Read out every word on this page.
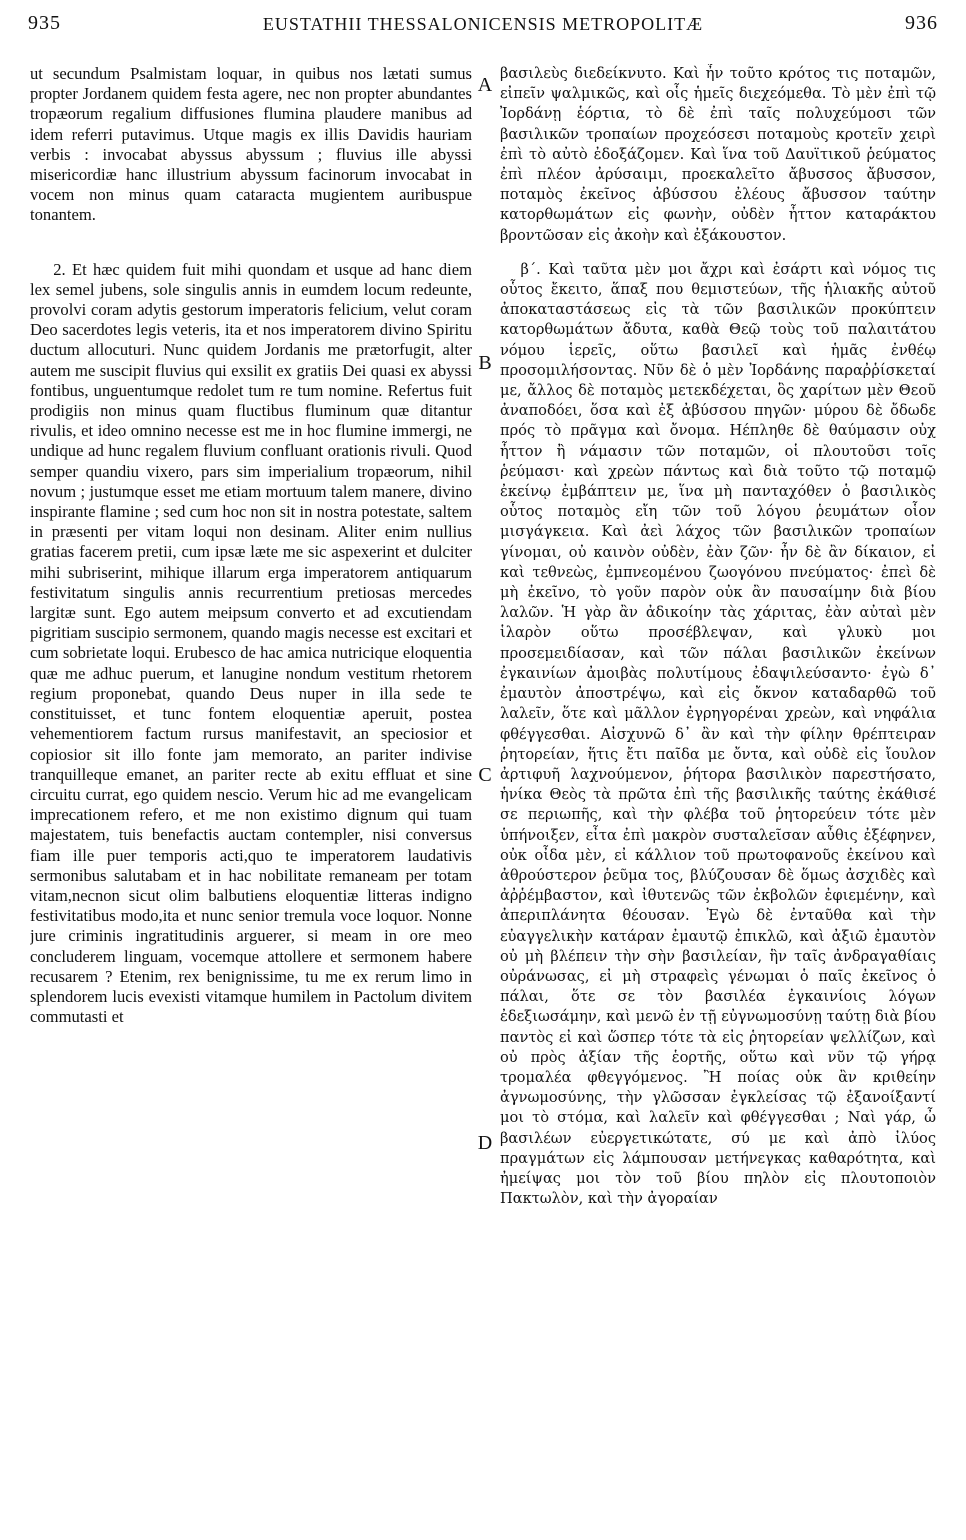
935	EUSTATHII THESSALONICENSIS METROPOLITÆ	936

ut secundum Psalmistam loquar, in quibus nos lætati sumus propter Jordanem quidem festa agere, nec non propter abundantes tropæorum regalium diffusiones flumina plaudere manibus ad idem referri putavimus. Utque magis ex illis Davidis hauriam verbis : invocabat abyssus abyssum ; fluvius ille abyssi misericordiæ hanc illustrium abyssum facinorum invocabat in vocem non minus quam cataracta mugientem auribuspue tonantem.

2. Et hæc quidem fuit mihi quondam et usque ad hanc diem lex semel jubens, sole singulis annis in eumdem locum redeunte, provolvi coram adytis gestorum imperatoris felicium, velut coram Deo sacerdotes legis veteris, ita et nos imperatorem divino Spiritu ductum allocuturi. Nunc quidem Jordanis me prætorfugit, alter autem me suscipit fluvius qui exsilit ex gratiis Dei quasi ex abyssi fontibus, unguentumque redolet tum re tum nomine. Refertus fuit prodigiis non minus quam fluctibus fluminum quæ ditantur rivulis, et ideo omnino necesse est me in hoc flumine immergi, ne undique ad hunc regalem fluvium confluant orationis rivuli. Quod semper quandiu vixero, pars sim imperialium tropæorum, nihil novum ; justumque esset me etiam mortuum talem manere, divino inspirante flamine ; sed cum hoc non sit in nostra potestate, saltem in præsenti per vitam loqui non desinam. Aliter enim nullius gratias facerem pretii, cum ipsæ læte me sic aspexerint et dulciter mihi subriserint, mihique illarum erga imperatorem antiquarum festivitatum singulis annis recurrentium pretiosas mercedes largitæ sunt. Ego autem meipsum converto et ad excutiendam pigritiam suscipio sermonem, quando magis necesse est excitari et cum sobrietate loqui. Erubesco de hac amica nutricique eloquentia quæ me adhuc puerum, et lanugine nondum vestitum rhetorem regium proponebat, quando Deus nuper in illa sede te constituisset, et tunc fontem eloquentiæ aperuit, postea vehementiorem factum rursus manifestavit, an speciosior et copiosior sit illo fonte jam memorato, an pariter indivise tranquilleque emanet, an pariter recte ab exitu effluat et sine circuitu currat, ego quidem nescio. Verum hic ad me evangelicam imprecationem refero, et me non existimo dignum qui tuam majestatem, tuis benefactis auctam contempler, nisi conversus fiam ille puer temporis acti,quo te imperatorem laudativis sermonibus salutabam et in hac nobilitate remaneam per totam vitam,necnon sicut olim balbutiens eloquentiæ litteras indigno festivitatibus modo,ita et nunc senior tremula voce loquor. Nonne jure criminis ingratitudinis arguerer, si meam in ore meo concluderem linguam, vocemque attollere et sermonem habere recusarem ? Etenim, rex benignissime, tu me ex rerum limo in splendorem lucis evexisti vitamque humilem in Pactolum divitem commutasti et

βασιλεὺς διεδείκνυτο. Καὶ ἦν τοῦτο κρότος τις ποταμῶν, εἰπεῖν ψαλμικῶς, καὶ οἷς ἡμεῖς διεχεόμεθα. Τὸ μὲν ἐπὶ τῷ Ἰορδάνῃ ἑόρτια, τὸ δὲ ἐπὶ ταῖς πολυχεύμοσι τῶν βασιλικῶν τροπαίων προχεόσεσι ποταμοὺς κροτεῖν χειρὶ ἐπὶ τὸ αὐτὸ ἐδοξάζομεν. Καὶ ἵνα τοῦ Δαυϊτικοῦ ῥεύματος ἐπὶ πλέον ἀρύσαιμι, προεκαλεῖτο ἄβυσσος ἄβυσσον, ποταμὸς ἐκεῖνος ἀβύσσου ἐλέους ἄβυσσον ταύτην κατορθωμάτων εἰς φωνὴν, οὐδὲν ἧττον καταράκτου βροντῶσαν εἰς ἀκοὴν καὶ ἐξάκουστον.

β΄. Καὶ ταῦτα μὲν μοι ἄχρι καὶ ἐσάρτι καὶ νόμος τις οὗτος ἔκειτο, ἅπαξ που θεμιστεύων, τῆς ἡλιακῆς αὐτοῦ ἀποκαταστάσεως εἰς τὰ τῶν βασιλικῶν προκύπτειν κατορθωμάτων ἄδυτα, καθὰ Θεῷ τοὺς τοῦ παλαιτάτου νόμου ἱερεῖς, οὕτω βασιλεῖ καὶ ἡμᾶς ἐνθέῳ προσομιλήσοντας. Νῦν δὲ ὁ μὲν Ἰορδάνης παραῤῥίσκεταί με, ἄλλος δὲ ποταμὸς μετεκδέχεται, ὃς χαρίτων μὲν Θεοῦ ἀναποδόει, ὅσα καὶ ἐξ ἀβύσσου πηγῶν· μύρου δὲ ὄδωδε πρός τὸ πρᾶγμα καὶ ὄνομα. Ηέπληθε δὲ θαύμασιν οὐχ ἧττον ἢ νάμασιν τῶν ποταμῶν, οἱ πλουτοῦσι τοῖς ῥεύμασι· καὶ χρεὼν πάντως καὶ διὰ τοῦτο τῷ ποταμῷ ἐκείνῳ ἐμβάπτειν με, ἵνα μὴ πανταχόθεν ὁ βασιλικὸς οὗτος ποταμὸς εἴη τῶν τοῦ λόγου ῥευμάτων οἷον μισγάγκεια. Καὶ ἀεὶ λάχος τῶν βασιλικῶν τροπαίων γίνομαι, οὐ καινὸν οὐδὲν, ἐὰν ζῶν· ἦν δὲ ἂν δίκαιον, εἰ καὶ τεθνεὼς, ἐμπνεομένου ζωογόνου πνεύματος· ἐπεὶ δὲ μὴ ἐκεῖνο, τὸ γοῦν παρὸν οὐκ ἂν παυσαίμην διὰ βίου λαλῶν. Ἡ γὰρ ἂν ἀδικοίην τὰς χάριτας, ἐὰν αὐταὶ μὲν ἱλαρὸν οὕτω προσέβλεψαν, καὶ γλυκὺ μοι προσεμειδίασαν, καὶ τῶν πάλαι βασιλικῶν ἐκείνων ἐγκαινίων ἀμοιβὰς πολυτίμους ἐδαψιλεύσαντο· ἐγὼ δ᾽ ἐμαυτὸν ἀποστρέψω, καὶ εἰς ὄκνον καταδαρθῶ τοῦ λαλεῖν, ὅτε καὶ μᾶλλον ἐγρηγορέναι χρεὼν, καὶ νηφάλια φθέγγεσθαι. Αἰσχυνῶ δ᾽ ἂν καὶ τὴν φίλην θρέπτειραν ῥητορείαν, ἥτις ἔτι παῖδα με ὄντα, καὶ οὐδὲ εἰς ἴουλον ἀρτιφυῆ λαχνούμενον, ῥήτορα βασιλικὸν παρεστήσατο, ἡνίκα Θεὸς τὰ πρῶτα ἐπὶ τῆς βασιλικῆς ταύτης ἐκάθισέ σε περιωπῆς, καὶ τὴν φλέβα τοῦ ῥητορεύειν τότε μὲν ὑπήνοιξεν, εἶτα ἐπὶ μακρὸν συσταλεῖσαν αὖθις ἐξέφηνεν, οὐκ οἶδα μὲν, εἰ κάλλιον τοῦ πρωτοφανοῦς ἐκείνου καὶ ἀθρούστερον ῥεῦμα τος, βλύζουσαν δὲ ὅμως ἀσχιδὲς καὶ ἀῤῥέμβαστον, καὶ ἰθυτενῶς τῶν ἐκβολῶν ἐφιεμένην, καὶ ἀπεριπλάνητα θέουσαν. Ἐγὼ δὲ ἐνταῦθα καὶ τὴν εὐαγγελικὴν κατάραν ἐμαυτῷ ἐπικλῶ, καὶ ἀξιῶ ἐμαυτὸν οὐ μὴ βλέπειν τὴν σὴν βασιλείαν, ἣν ταῖς ἀνδραγαθίαις οὐράνωσας, εἰ μὴ στραφεὶς γένωμαι ὁ παῖς ἐκεῖνος ὁ πάλαι, ὅτε σε τὸν βασιλέα ἐγκαινίοις λόγων ἐδεξιωσάμην, καὶ μενῶ ἐν τῇ εὐγνωμοσύνῃ ταύτῃ διὰ βίου παντὸς εἰ καὶ ὥσπερ τότε τὰ εἰς ῥητορείαν ψελλίζων, καὶ οὐ πρὸς ἀξίαν τῆς ἑορτῆς, οὕτω καὶ νῦν τῷ γήρᾳ τρομαλέα φθεγγόμενος. Ἢ ποίας οὐκ ἂν κριθείην ἀγνωμοσύνης, τὴν γλῶσσαν ἐγκλείσας τῷ ἐξανοίξαντί μοι τὸ στόμα, καὶ λαλεῖν καὶ φθέγγεσθαι ; Ναὶ γάρ, ὦ βασιλέων εὐεργετικώτατε, σύ με καὶ ἀπὸ ἰλύος πραγμάτων εἰς λάμπουσαν μετήνεγκας καθαρότητα, καὶ ἠμείψας μοι τὸν τοῦ βίου πηλὸν εἰς πλουτοποιὸν Πακτωλὸν, καὶ τὴν ἀγοραίαν

A
B
C
D
